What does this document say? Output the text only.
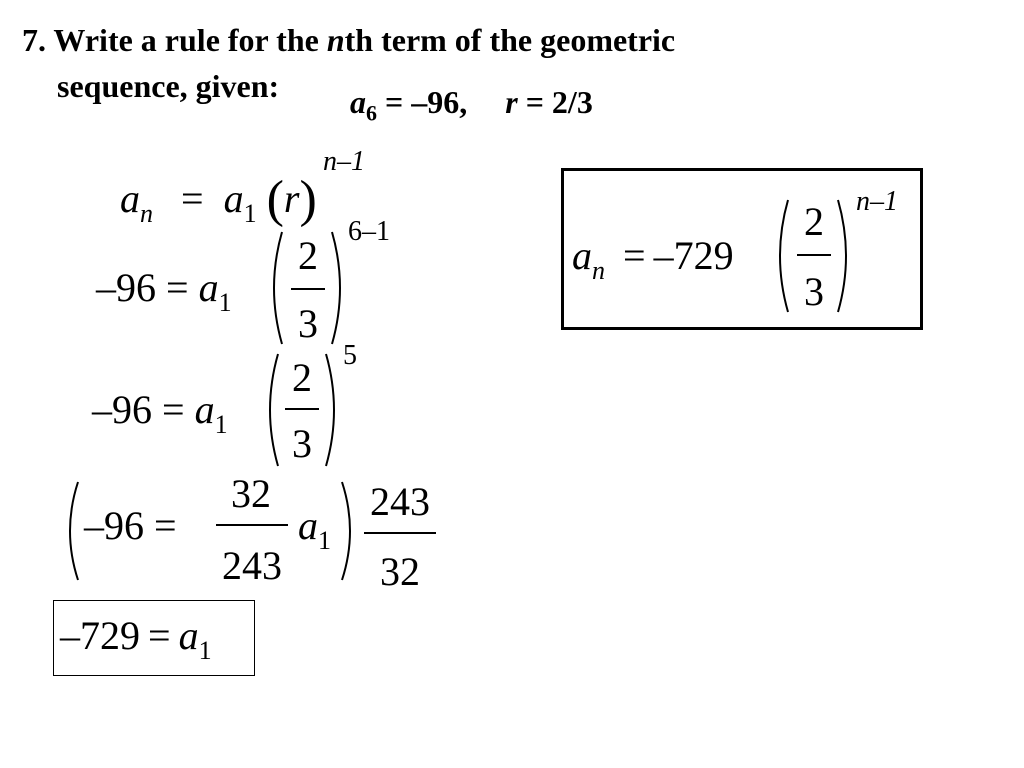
7. Write a rule for the nth term of the geometric
sequence, given: $a_6 = -96$, r = 2/3
$a_n = a_1$ (r)
n–1
$-96 = a_1$
2
3
6–1
$-96 = a_1$
2
3
5
–96 =
32
243
$a_1$
243
32
$-729 = a_1$
$a_n = -729$
2
3
n–1
